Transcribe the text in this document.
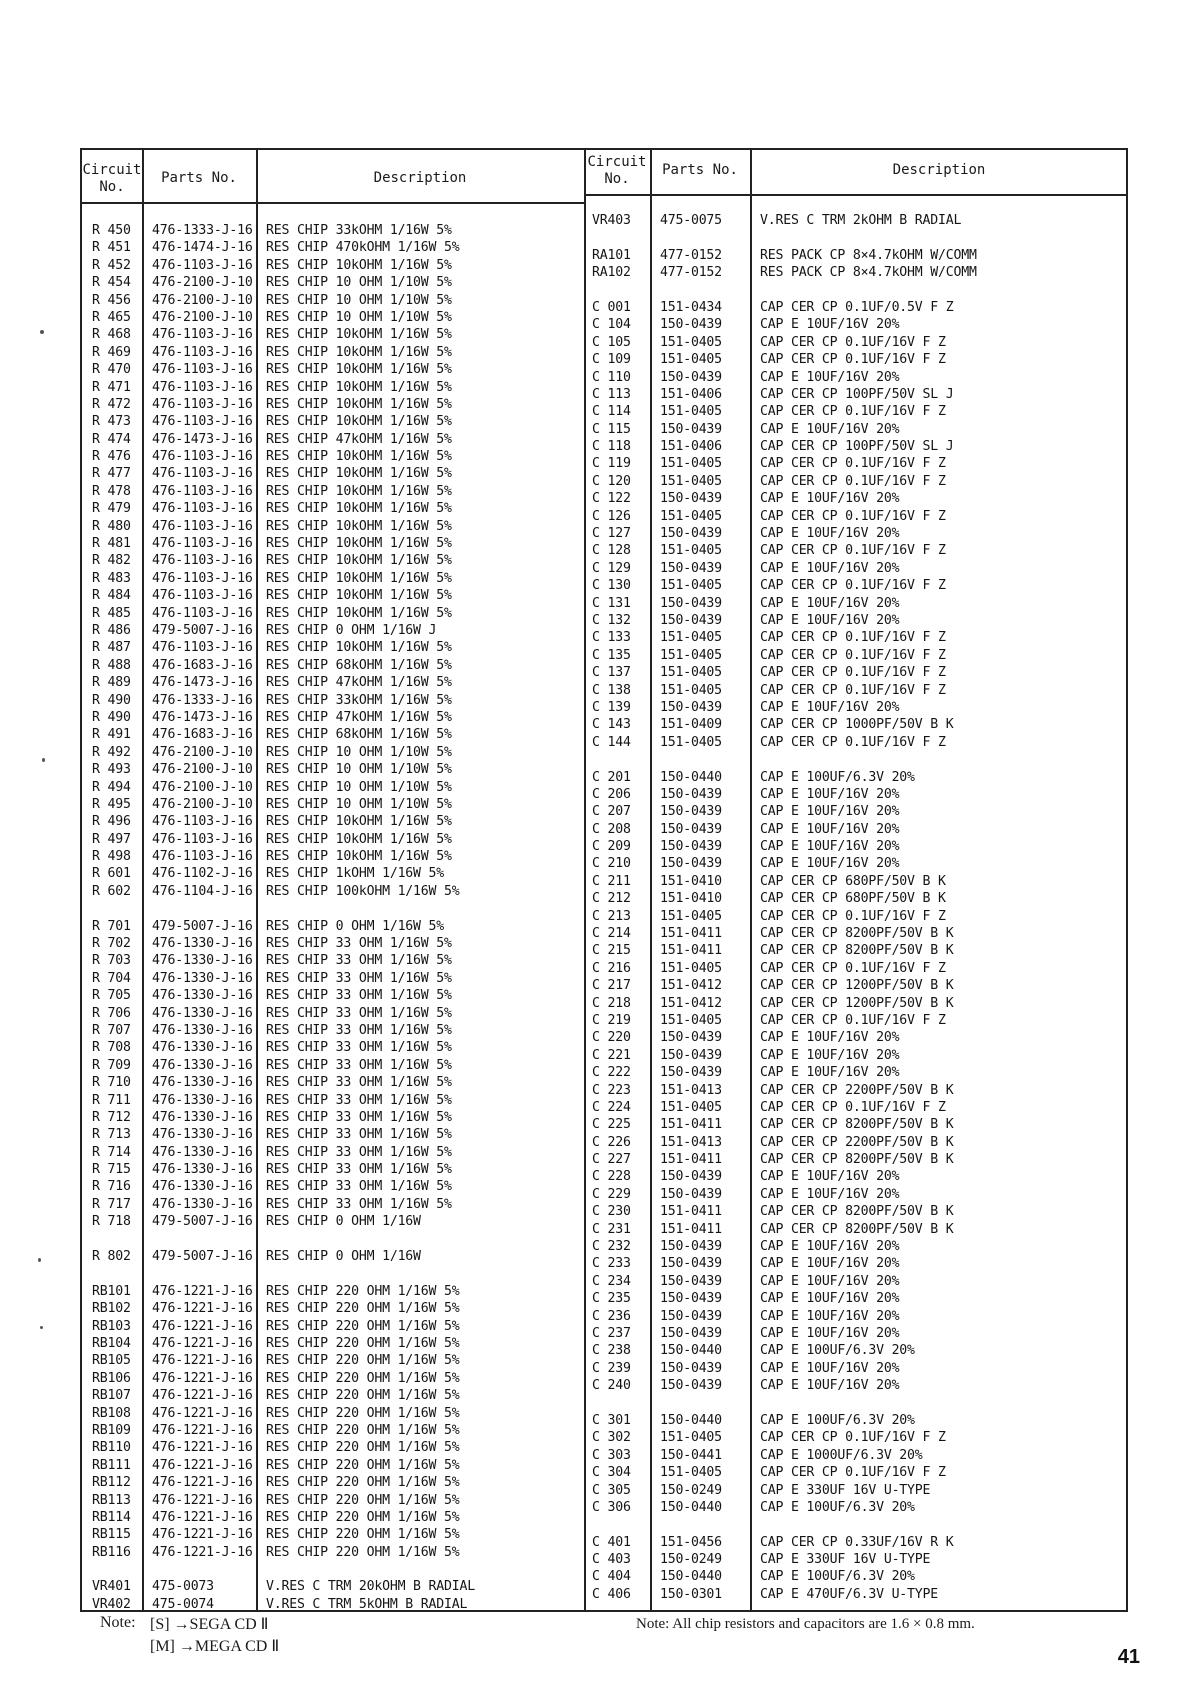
Circuit
No.
Parts No.	Description
Circuit
No.
Parts No.	Description
R 450
R 451
R 452
R 454
R 456
R 465
R 468
R 469
R 470
R 471
R 472
R 473
R 474
R 476
R 477
R 478
R 479
R 480
R 481
R 482
R 483
R 484
R 485
R 486
R 487
R 488
R 489
R 490
R 490
R 491
R 492
R 493
R 494
R 495
R 496
R 497
R 498
R 601
R 602
R 701
R 702
R 703
R 704
R 705
R 706
R 707
R 708
R 709
R 710
R 711
R 712
R 713
R 714
R 715
R 716
R 717
R 718
R 802
RB101
RB102
RB103
RB104
RB105
RB106
RB107
RB108
RB109
RB110
RB111
RB112
RB113
RB114
RB115
RB116
VR401
VR402
476-1333-J-16
476-1474-J-16
476-1103-J-16
476-2100-J-10
476-2100-J-10
476-2100-J-10
476-1103-J-16
476-1103-J-16
476-1103-J-16
476-1103-J-16
476-1103-J-16
476-1103-J-16
476-1473-J-16
476-1103-J-16
476-1103-J-16
476-1103-J-16
476-1103-J-16
476-1103-J-16
476-1103-J-16
476-1103-J-16
476-1103-J-16
476-1103-J-16
476-1103-J-16
479-5007-J-16
476-1103-J-16
476-1683-J-16
476-1473-J-16
476-1333-J-16
476-1473-J-16
476-1683-J-16
476-2100-J-10
476-2100-J-10
476-2100-J-10
476-2100-J-10
476-1103-J-16
476-1103-J-16
476-1103-J-16
476-1102-J-16
476-1104-J-16
479-5007-J-16
476-1330-J-16
476-1330-J-16
476-1330-J-16
476-1330-J-16
476-1330-J-16
476-1330-J-16
476-1330-J-16
476-1330-J-16
476-1330-J-16
476-1330-J-16
476-1330-J-16
476-1330-J-16
476-1330-J-16
476-1330-J-16
476-1330-J-16
476-1330-J-16
479-5007-J-16
479-5007-J-16
476-1221-J-16
476-1221-J-16
476-1221-J-16
476-1221-J-16
476-1221-J-16
476-1221-J-16
476-1221-J-16
476-1221-J-16
476-1221-J-16
476-1221-J-16
476-1221-J-16
476-1221-J-16
476-1221-J-16
476-1221-J-16
476-1221-J-16
476-1221-J-16
475-0073
475-0074
RES CHIP 33kOHM 1/16W 5%
RES CHIP 470kOHM 1/16W 5%
RES CHIP 10kOHM 1/16W 5%
RES CHIP 10 OHM 1/10W 5%
RES CHIP 10 OHM 1/10W 5%
RES CHIP 10 OHM 1/10W 5%
RES CHIP 10kOHM 1/16W 5%
RES CHIP 10kOHM 1/16W 5%
RES CHIP 10kOHM 1/16W 5%
RES CHIP 10kOHM 1/16W 5%
RES CHIP 10kOHM 1/16W 5%
RES CHIP 10kOHM 1/16W 5%
RES CHIP 47kOHM 1/16W 5%
RES CHIP 10kOHM 1/16W 5%
RES CHIP 10kOHM 1/16W 5%
RES CHIP 10kOHM 1/16W 5%
RES CHIP 10kOHM 1/16W 5%
RES CHIP 10kOHM 1/16W 5%
RES CHIP 10kOHM 1/16W 5%
RES CHIP 10kOHM 1/16W 5%
RES CHIP 10kOHM 1/16W 5%
RES CHIP 10kOHM 1/16W 5%
RES CHIP 10kOHM 1/16W 5%
RES CHIP 0 OHM 1/16W J
RES CHIP 10kOHM 1/16W 5%
RES CHIP 68kOHM 1/16W 5%
RES CHIP 47kOHM 1/16W 5%
RES CHIP 33kOHM 1/16W 5%
RES CHIP 47kOHM 1/16W 5%
RES CHIP 68kOHM 1/16W 5%
RES CHIP 10 OHM 1/10W 5%
RES CHIP 10 OHM 1/10W 5%
RES CHIP 10 OHM 1/10W 5%
RES CHIP 10 OHM 1/10W 5%
RES CHIP 10kOHM 1/16W 5%
RES CHIP 10kOHM 1/16W 5%
RES CHIP 10kOHM 1/16W 5%
RES CHIP 1kOHM 1/16W 5%
RES CHIP 100kOHM 1/16W 5%
RES CHIP 0 OHM 1/16W 5%
RES CHIP 33 OHM 1/16W 5%
RES CHIP 33 OHM 1/16W 5%
RES CHIP 33 OHM 1/16W 5%
RES CHIP 33 OHM 1/16W 5%
RES CHIP 33 OHM 1/16W 5%
RES CHIP 33 OHM 1/16W 5%
RES CHIP 33 OHM 1/16W 5%
RES CHIP 33 OHM 1/16W 5%
RES CHIP 33 OHM 1/16W 5%
RES CHIP 33 OHM 1/16W 5%
RES CHIP 33 OHM 1/16W 5%
RES CHIP 33 OHM 1/16W 5%
RES CHIP 33 OHM 1/16W 5%
RES CHIP 33 OHM 1/16W 5%
RES CHIP 33 OHM 1/16W 5%
RES CHIP 33 OHM 1/16W 5%
RES CHIP 0 OHM 1/16W
RES CHIP 0 OHM 1/16W
RES CHIP 220 OHM 1/16W 5%
RES CHIP 220 OHM 1/16W 5%
RES CHIP 220 OHM 1/16W 5%
RES CHIP 220 OHM 1/16W 5%
RES CHIP 220 OHM 1/16W 5%
RES CHIP 220 OHM 1/16W 5%
RES CHIP 220 OHM 1/16W 5%
RES CHIP 220 OHM 1/16W 5%
RES CHIP 220 OHM 1/16W 5%
RES CHIP 220 OHM 1/16W 5%
RES CHIP 220 OHM 1/16W 5%
RES CHIP 220 OHM 1/16W 5%
RES CHIP 220 OHM 1/16W 5%
RES CHIP 220 OHM 1/16W 5%
RES CHIP 220 OHM 1/16W 5%
RES CHIP 220 OHM 1/16W 5%
V.RES C TRM 20kOHM B RADIAL
V.RES C TRM 5kOHM B RADIAL
VR403
RA101
RA102
C 001
C 104
C 105
C 109
C 110
C 113
C 114
C 115
C 118
C 119
C 120
C 122
C 126
C 127
C 128
C 129
C 130
C 131
C 132
C 133
C 135
C 137
C 138
C 139
C 143
C 144
C 201
C 206
C 207
C 208
C 209
C 210
C 211
C 212
C 213
C 214
C 215
C 216
C 217
C 218
C 219
C 220
C 221
C 222
C 223
C 224
C 225
C 226
C 227
C 228
C 229
C 230
C 231
C 232
C 233
C 234
C 235
C 236
C 237
C 238
C 239
C 240
C 301
C 302
C 303
C 304
C 305
C 306
C 401
C 403
C 404
C 406
475-0075
477-0152
477-0152
151-0434
150-0439
151-0405
151-0405
150-0439
151-0406
151-0405
150-0439
151-0406
151-0405
151-0405
150-0439
151-0405
150-0439
151-0405
150-0439
151-0405
150-0439
150-0439
151-0405
151-0405
151-0405
151-0405
150-0439
151-0409
151-0405
150-0440
150-0439
150-0439
150-0439
150-0439
150-0439
151-0410
151-0410
151-0405
151-0411
151-0411
151-0405
151-0412
151-0412
151-0405
150-0439
150-0439
150-0439
151-0413
151-0405
151-0411
151-0413
151-0411
150-0439
150-0439
151-0411
151-0411
150-0439
150-0439
150-0439
150-0439
150-0439
150-0439
150-0440
150-0439
150-0439
150-0440
151-0405
150-0441
151-0405
150-0249
150-0440
151-0456
150-0249
150-0440
150-0301
V.RES C TRM 2kOHM B RADIAL
RES PACK CP 8×4.7kOHM W/COMM
RES PACK CP 8×4.7kOHM W/COMM
CAP CER CP 0.1UF/0.5V F Z
CAP E 10UF/16V 20%
CAP CER CP 0.1UF/16V F Z
CAP CER CP 0.1UF/16V F Z
CAP E 10UF/16V 20%
CAP CER CP 100PF/50V SL J
CAP CER CP 0.1UF/16V F Z
CAP E 10UF/16V 20%
CAP CER CP 100PF/50V SL J
CAP CER CP 0.1UF/16V F Z
CAP CER CP 0.1UF/16V F Z
CAP E 10UF/16V 20%
CAP CER CP 0.1UF/16V F Z
CAP E 10UF/16V 20%
CAP CER CP 0.1UF/16V F Z
CAP E 10UF/16V 20%
CAP CER CP 0.1UF/16V F Z
CAP E 10UF/16V 20%
CAP E 10UF/16V 20%
CAP CER CP 0.1UF/16V F Z
CAP CER CP 0.1UF/16V F Z
CAP CER CP 0.1UF/16V F Z
CAP CER CP 0.1UF/16V F Z
CAP E 10UF/16V 20%
CAP CER CP 1000PF/50V B K
CAP CER CP 0.1UF/16V F Z
CAP E 100UF/6.3V 20%
CAP E 10UF/16V 20%
CAP E 10UF/16V 20%
CAP E 10UF/16V 20%
CAP E 10UF/16V 20%
CAP E 10UF/16V 20%
CAP CER CP 680PF/50V B K
CAP CER CP 680PF/50V B K
CAP CER CP 0.1UF/16V F Z
CAP CER CP 8200PF/50V B K
CAP CER CP 8200PF/50V B K
CAP CER CP 0.1UF/16V F Z
CAP CER CP 1200PF/50V B K
CAP CER CP 1200PF/50V B K
CAP CER CP 0.1UF/16V F Z
CAP E 10UF/16V 20%
CAP E 10UF/16V 20%
CAP E 10UF/16V 20%
CAP CER CP 2200PF/50V B K
CAP CER CP 0.1UF/16V F Z
CAP CER CP 8200PF/50V B K
CAP CER CP 2200PF/50V B K
CAP CER CP 8200PF/50V B K
CAP E 10UF/16V 20%
CAP E 10UF/16V 20%
CAP CER CP 8200PF/50V B K
CAP CER CP 8200PF/50V B K
CAP E 10UF/16V 20%
CAP E 10UF/16V 20%
CAP E 10UF/16V 20%
CAP E 10UF/16V 20%
CAP E 10UF/16V 20%
CAP E 10UF/16V 20%
CAP E 100UF/6.3V 20%
CAP E 10UF/16V 20%
CAP E 10UF/16V 20%
CAP E 100UF/6.3V 20%
CAP CER CP 0.1UF/16V F Z
CAP E 1000UF/6.3V 20%
CAP CER CP 0.1UF/16V F Z
CAP E 330UF 16V U-TYPE
CAP E 100UF/6.3V 20%
CAP CER CP 0.33UF/16V R K
CAP E 330UF 16V U-TYPE
CAP E 100UF/6.3V 20%
CAP E 470UF/6.3V U-TYPE
Note: [S] →SEGA CD Ⅱ
[M] →MEGA CD Ⅱ
Note: All chip resistors and capacitors are 1.6 × 0.8 mm.
41
